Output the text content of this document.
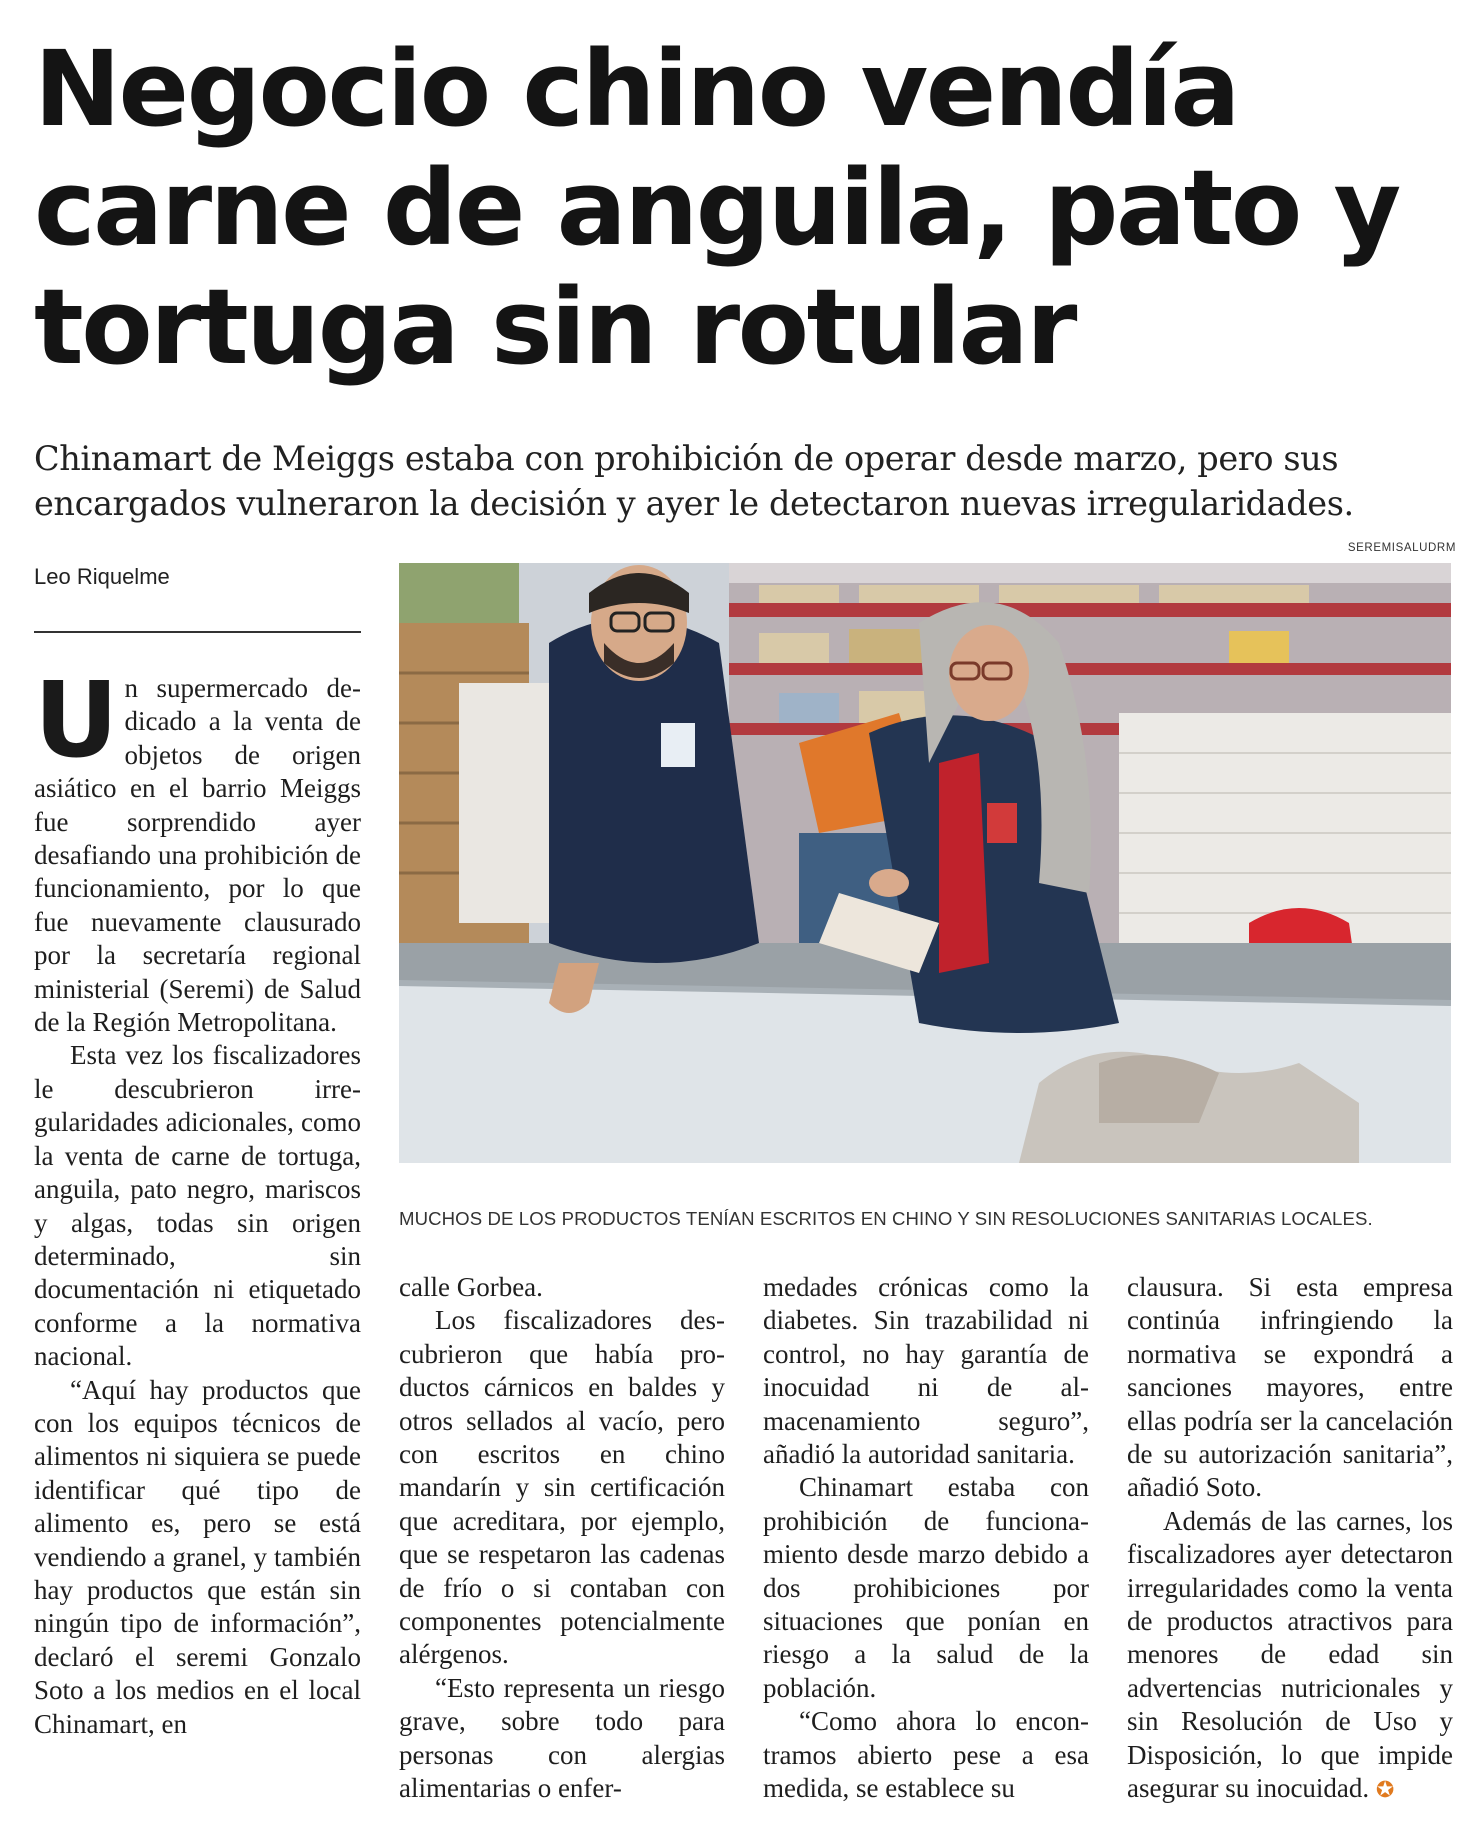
Negocio chino vendía carne de anguila, pato y tortuga sin rotular
Chinamart de Meiggs estaba con prohibición de operar desde marzo, pero sus encargados vulneraron la decisión y ayer le detectaron nuevas irregularidades.
Leo Riquelme
SEREMISALUDRM
MUCHOS DE LOS PRODUCTOS TENÍAN ESCRITOS EN CHINO Y SIN RESOLUCIONES SANITARIAS LOCALES.

Un supermercado dedicado a la venta de objetos de origen asiático en el barrio Meiggs fue sorprendido ayer desafiando una prohibición de funcionamiento, por lo que fue nuevamente clausurado por la secretaría regional ministerial (Seremi) de Salud de la Región Metropolitana.

Esta vez los fiscalizadores le descubrieron irregularidades adicionales, como la venta de carne de tortuga, anguila, pato negro, mariscos y algas, todas sin origen determinado, sin documentación ni etiquetado conforme a la normativa nacional.

“Aquí hay productos que con los equipos técnicos de alimentos ni siquiera se puede identificar qué tipo de alimento es, pero se está vendiendo a granel, y también hay productos que están sin ningún tipo de información”, declaró el seremi Gonzalo Soto a los medios en el local Chinamart, en

calle Gorbea.

Los fiscalizadores descubrieron que había productos cárnicos en baldes y otros sellados al vacío, pero con escritos en chino mandarín y sin certificación que acreditara, por ejemplo, que se respetaron las cadenas de frío o si contaban con componentes potencialmente alérgenos.

“Esto representa un riesgo grave, sobre todo para personas con alergias alimentarias o enfer-

medades crónicas como la diabetes. Sin trazabilidad ni control, no hay garantía de inocuidad ni de almacenamiento seguro”, añadió la autoridad sanitaria.

Chinamart estaba con prohibición de funcionamiento desde marzo debido a dos prohibiciones por situaciones que ponían en riesgo a la salud de la población.

“Como ahora lo encontramos abierto pese a esa medida, se establece su

clausura. Si esta empresa continúa infringiendo la normativa se expondrá a sanciones mayores, entre ellas podría ser la cancelación de su autorización sanitaria”, añadió Soto.

Además de las carnes, los fiscalizadores ayer detectaron irregularidades como la venta de productos atractivos para menores de edad sin advertencias nutricionales y sin Resolución de Uso y Disposición, lo que impide asegurar su inocuidad. ✪
